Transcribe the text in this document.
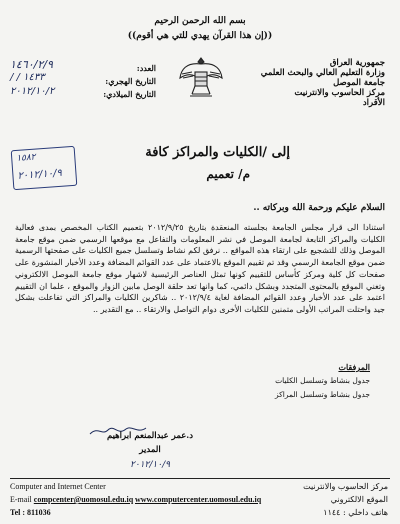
بسم الله الرحمن الرحيم
((إن هذا القرآن يهدي للتي هي أقوم))
جمهورية العراق
وزارة التعليم العالي والبحث العلمي
جامعة الموصل
مركز الحاسوب والانترنيت
الأقراد
العدد:
التاريخ الهجري:
التاريخ الميلادي:
١٤٦٠/٢/٩
/ / ١٤٣٣
٢٠١٢/١٠/٢
إلى /الكليات والمراكز كافة
م/ تعميم
١٥٨٢
٢٠١٢/١٠/٩
السلام عليكم ورحمة الله وبركاته ..
استنادا الى قرار مجلس الجامعة بجلسته المنعقدة بتاريخ ٢٠١٢/٩/٢٥ بتعميم الكتاب المخصص بمدى فعالية الكليات والمراكز التابعة لجامعة الموصل في نشر المعلومات والتفاعل مع موقعها الرسمي ضمن موقع جامعة الموصل وذلك للتشجيع على ارتقاء هذه المواقع .. نرفق لكم نشاط وتسلسل جميع الكليات على صفحتها الرسمية ضمن موقع الجامعة الرسمي وقد تم تقييم الموقع بالاعتماد على عدد القوائم المضافة وعدد الأخبار المنشورة على صفحات كل كلية ومركز كأساس للتقييم كونها تمثل العناصر الرئيسية لاشهار موقع جامعة الموصل الالكتروني وتغني الموقع بالمحتوى المتجدد وبشكل دائمي، كما وانها تعد حلقة الوصل مابين الزوار والموقع ، علما ان التقييم اعتمد على عدد الأخبار وعدد القوائم المضافة لغاية ٢٠١٢/٩/٤ .. شاكرين الكليات والمراكز التي تفاعلت بشكل جيد واحتلت المراتب الأولى متمنين للكليات الأخرى دوام التواصل والارتقاء .. مع التقدير ..
المرفقات
جدول بنشاط وتسلسل الكليات
جدول بنشاط وتسلسل المراكز
د.عمر عبدالمنعم ابراهيم
المدير
٢٠١٢/١٠/٩
Computer and Internet Center
E-mail compcenter@uomosul.edu.iq
Tel : 811036
www.computercenter.uomosul.edu.iq
مركز الحاسوب والانترنيت
الموقع الالكتروني
هاتف داخلي : ١١٤٤
